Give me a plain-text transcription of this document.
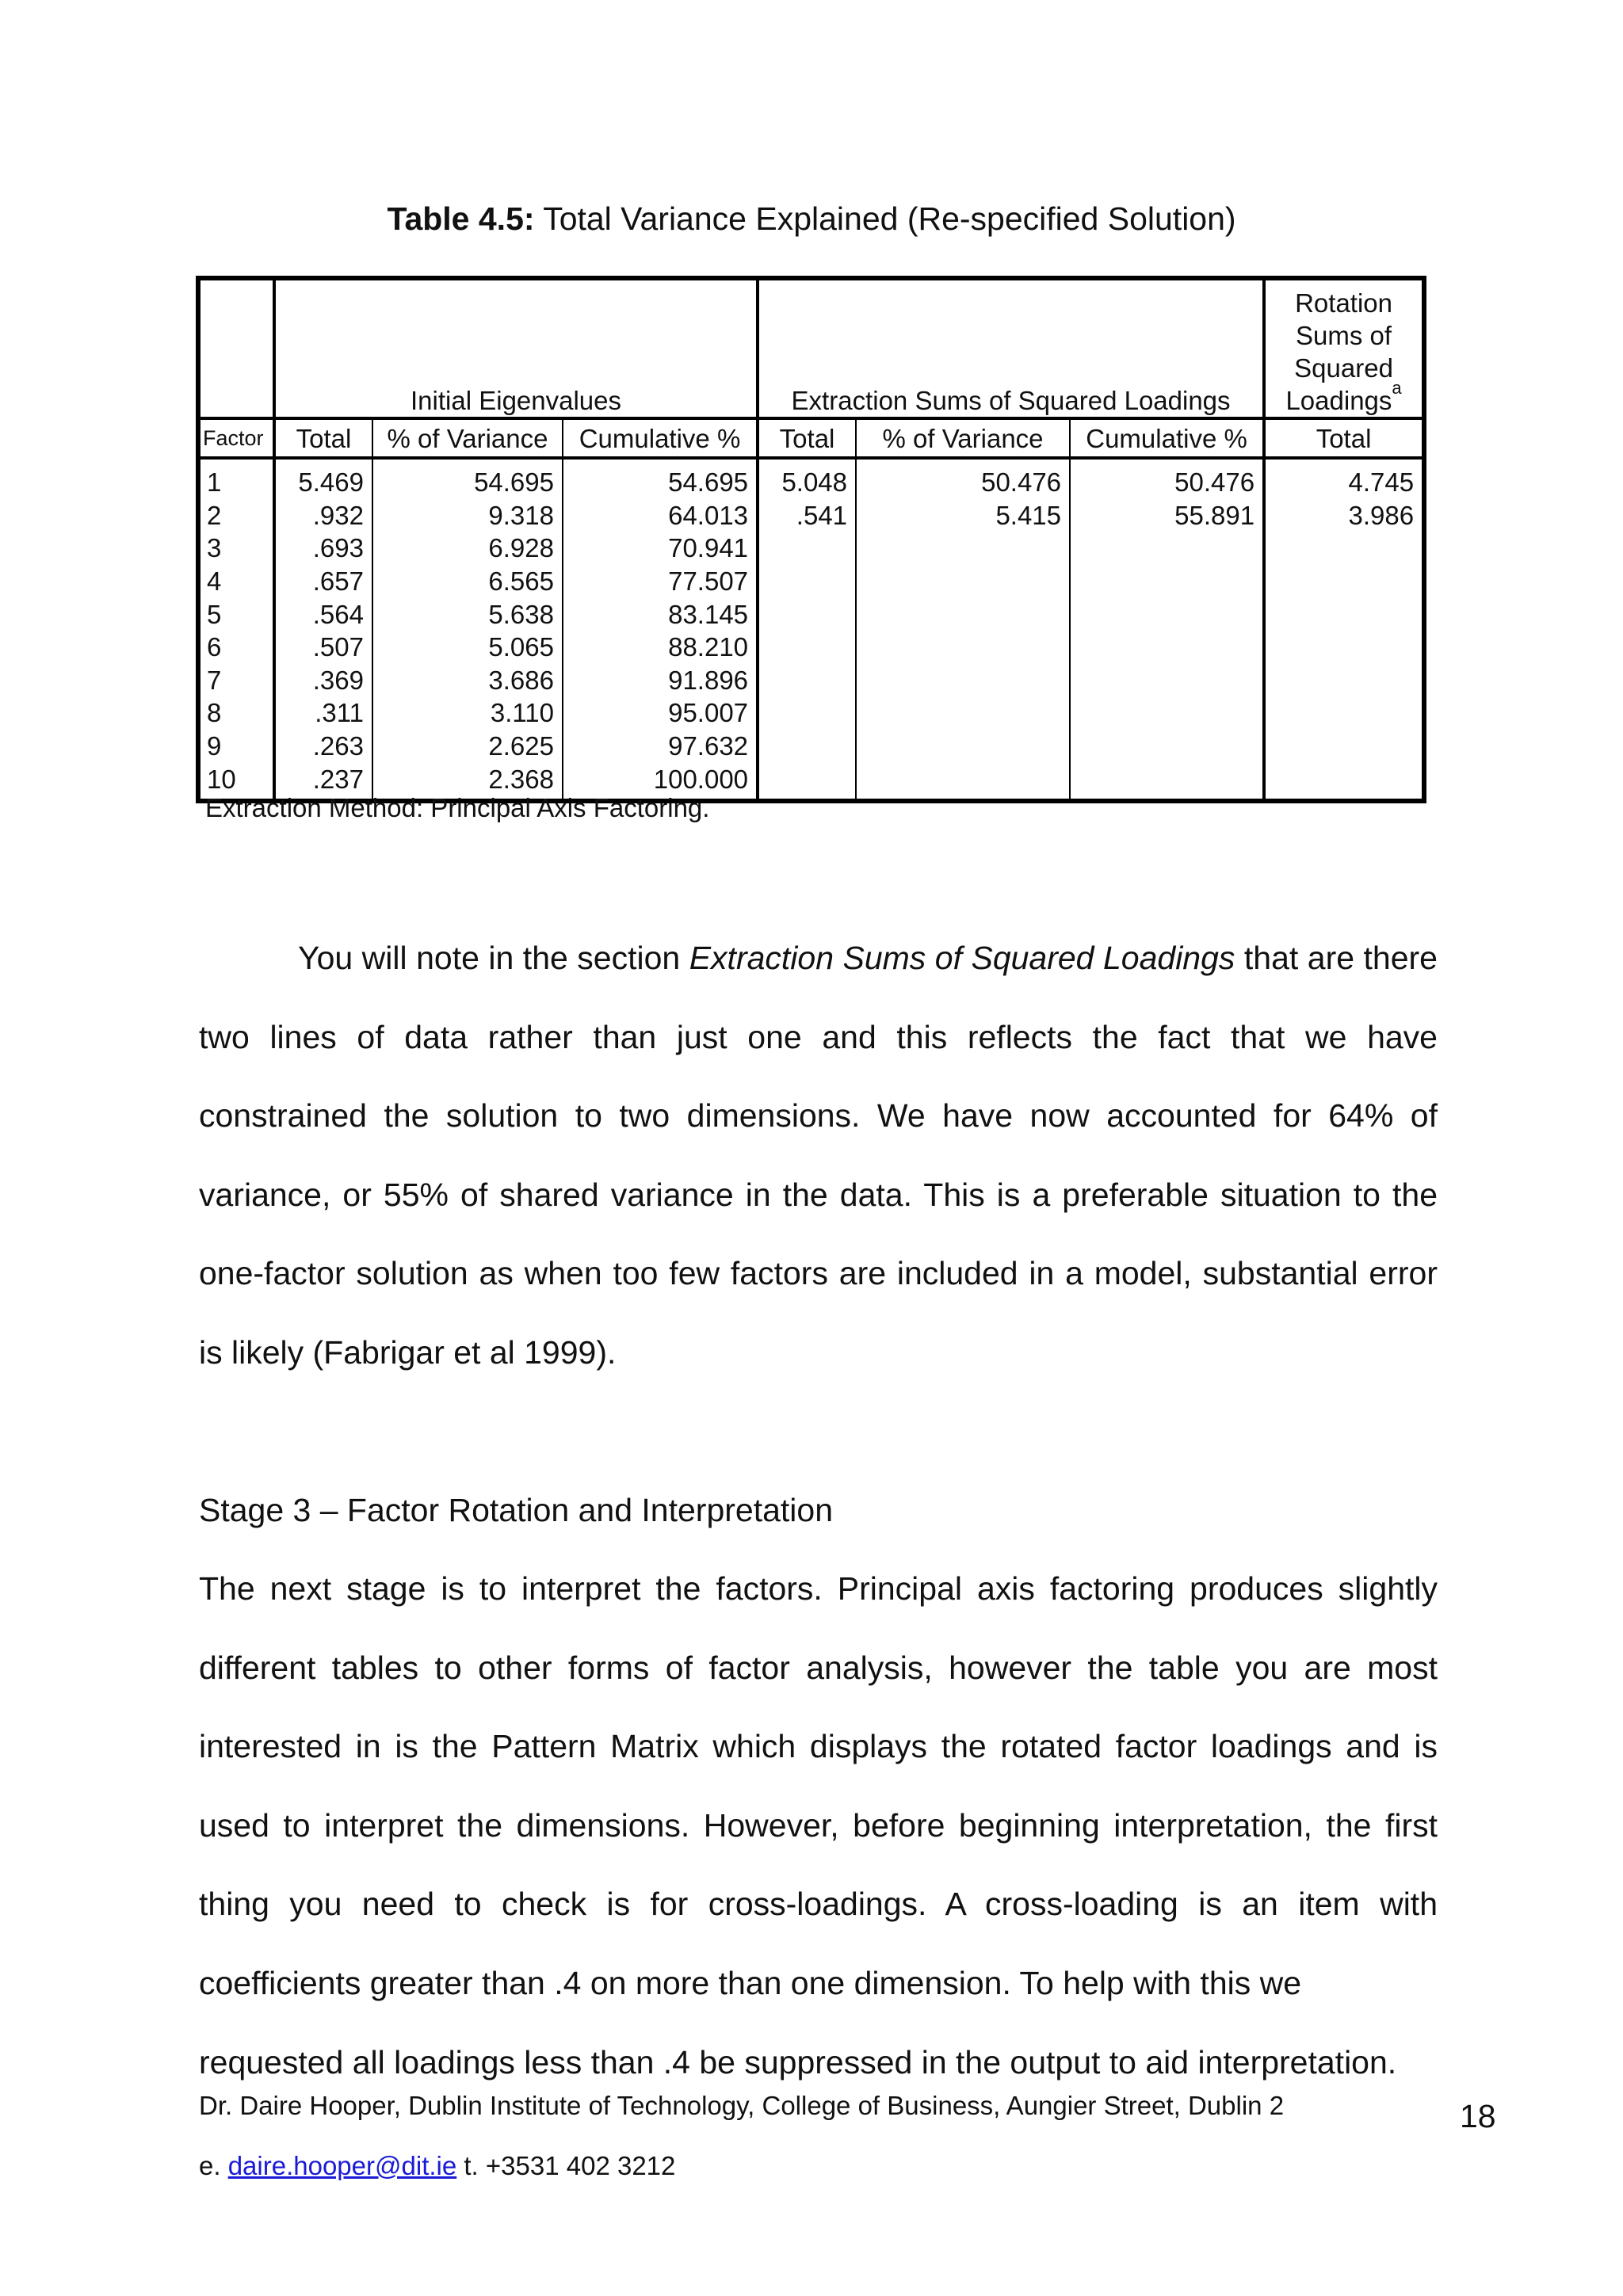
Table 4.5: Total Variance Explained (Re-specified Solution)
	Initial Eigenvalues			Extraction Sums of Squared Loadings			Rotation
Sums of
Squared
Loadings$^a$
Factor	Total	% of Variance	Cumulative %	Total	% of Variance	Cumulative %	Total
1	5.469	54.695	54.695	5.048	50.476	50.476	4.745
2	.932	9.318	64.013	.541	5.415	55.891	3.986
3	.693	6.928	70.941				
4	.657	6.565	77.507				
5	.564	5.638	83.145				
6	.507	5.065	88.210				
7	.369	3.686	91.896				
8	.311	3.110	95.007				
9	.263	2.625	97.632				
10	.237	2.368	100.000				
Extraction Method: Principal Axis Factoring.

You will note in the section Extraction Sums of Squared Loadings that are there two lines of data rather than just one and this reflects the fact that we have constrained the solution to two dimensions. We have now accounted for 64% of variance, or 55% of shared variance in the data. This is a preferable situation to the one-factor solution as when too few factors are included in a model, substantial error is likely (Fabrigar et al 1999).

Stage 3 – Factor Rotation and Interpretation

The next stage is to interpret the factors. Principal axis factoring produces slightly different tables to other forms of factor analysis, however the table you are most interested in is the Pattern Matrix which displays the rotated factor loadings and is used to interpret the dimensions. However, before beginning interpretation, the first thing you need to check is for cross-loadings. A cross-loading is an item with coefficients greater than .4 on more than one dimension. To help with this we
requested all loadings less than .4 be suppressed in the output to aid interpretation.

Dr. Daire Hooper, Dublin Institute of Technology, College of Business, Aungier Street, Dublin 2	18
e. daire.hooper@dit.ie t. +3531 402 3212
